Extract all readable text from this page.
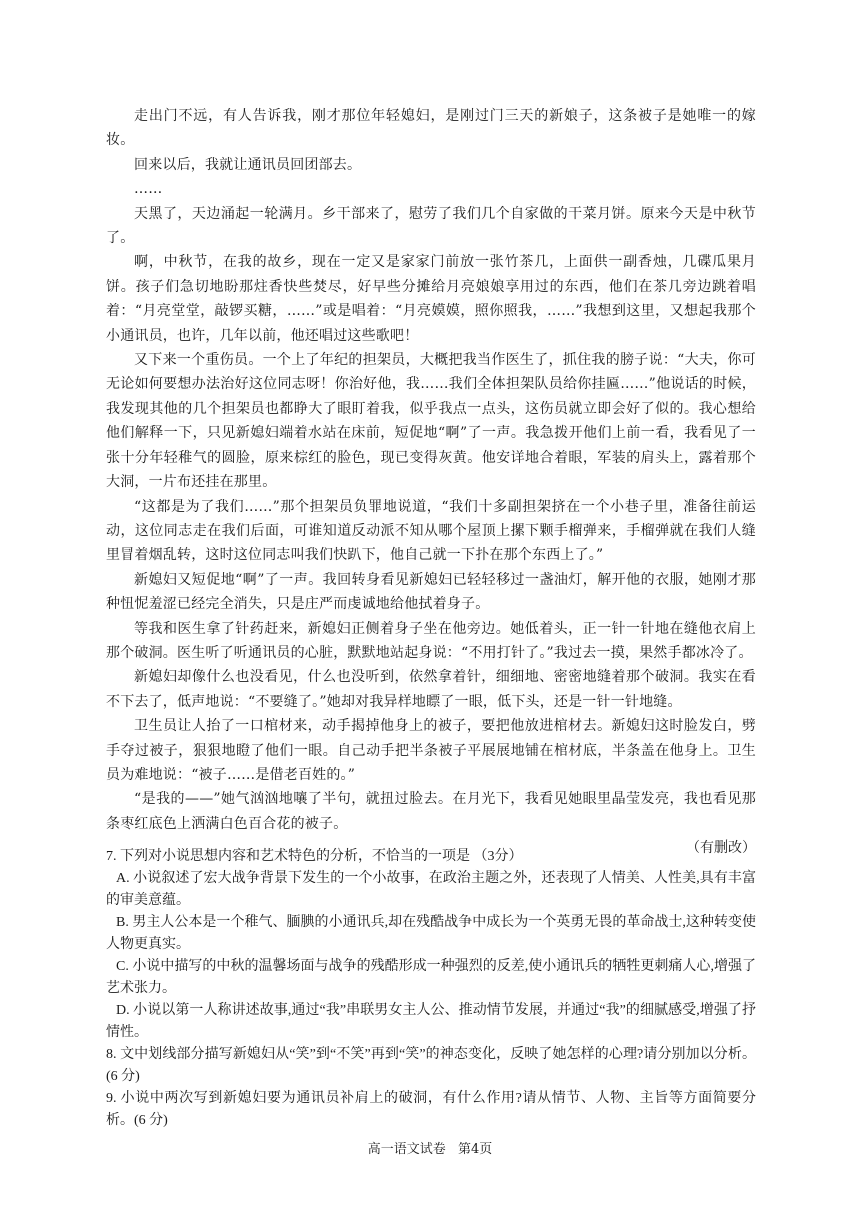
走出门不远，有人告诉我，刚才那位年轻媳妇，是刚过门三天的新娘子，这条被子是她唯一的嫁妆。

回来以后，我就让通讯员回团部去。

……

天黑了，天边涌起一轮满月。乡干部来了，慰劳了我们几个自家做的干菜月饼。原来今天是中秋节了。

啊，中秋节，在我的故乡，现在一定又是家家门前放一张竹茶几，上面供一副香烛，几碟瓜果月饼。孩子们急切地盼那炷香快些焚尽，好早些分摊给月亮娘娘享用过的东西，他们在茶几旁边跳着唱着：“月亮堂堂，敲锣买糖，……”或是唱着：“月亮嫫嫫，照你照我，……”我想到这里，又想起我那个小通讯员，也许，几年以前，他还唱过这些歌吧！

又下来一个重伤员。一个上了年纪的担架员，大概把我当作医生了，抓住我的膀子说：“大夫，你可无论如何要想办法治好这位同志呀！你治好他，我……我们全体担架队员给你挂匾……”他说话的时候，我发现其他的几个担架员也都睁大了眼盯着我，似乎我点一点头，这伤员就立即会好了似的。我心想给他们解释一下，只见新媳妇端着水站在床前，短促地“啊”了一声。我急拨开他们上前一看，我看见了一张十分年轻稚气的圆脸，原来棕红的脸色，现已变得灰黄。他安详地合着眼，军装的肩头上，露着那个大洞，一片布还挂在那里。

“这都是为了我们……”那个担架员负罪地说道，“我们十多副担架挤在一个小巷子里，准备往前运动，这位同志走在我们后面，可谁知道反动派不知从哪个屋顶上摞下颗手榴弹来，手榴弹就在我们人缝里冒着烟乱转，这时这位同志叫我们快趴下，他自己就一下扑在那个东西上了。”

新媳妇又短促地“啊”了一声。我回转身看见新媳妇已轻轻移过一盏油灯，解开他的衣服，她刚才那种忸怩羞涩已经完全消失，只是庄严而虔诚地给他拭着身子。

等我和医生拿了针药赶来，新媳妇正侧着身子坐在他旁边。她低着头，正一针一针地在缝他衣肩上那个破洞。医生听了听通讯员的心脏，默默地站起身说：“不用打针了。”我过去一摸，果然手都冰冷了。

新媳妇却像什么也没看见，什么也没听到，依然拿着针，细细地、密密地缝着那个破洞。我实在看不下去了，低声地说：“不要缝了。”她却对我异样地瞟了一眼，低下头，还是一针一针地缝。

卫生员让人抬了一口棺材来，动手揭掉他身上的被子，要把他放进棺材去。新媳妇这时脸发白，劈手夺过被子，狠狠地瞪了他们一眼。自己动手把半条被子平展展地铺在棺材底，半条盖在他身上。卫生员为难地说：“被子……是借老百姓的。”

“是我的——”她气汹汹地嚷了半句，就扭过脸去。在月光下，我看见她眼里晶莹发亮，我也看见那条枣红底色上洒满白色百合花的被子。

（有删改）

7. 下列对小说思想内容和艺术特色的分析，不恰当的一项是 （3分）

A. 小说叙述了宏大战争背景下发生的一个小故事，在政治主题之外，还表现了人情美、人性美,具有丰富的审美意蕴。

B. 男主人公本是一个稚气、腼腆的小通讯兵,却在残酷战争中成长为一个英勇无畏的革命战士,这种转变使人物更真实。

C. 小说中描写的中秋的温馨场面与战争的残酷形成一种强烈的反差,使小通讯兵的牺牲更刺痛人心,增强了艺术张力。

D. 小说以第一人称讲述故事,通过“我”串联男女主人公、推动情节发展，并通过“我”的细腻感受,增强了抒情性。

8. 文中划线部分描写新媳妇从“笑”到“不笑”再到“笑”的神态变化，反映了她怎样的心理?请分别加以分析。(6 分)

9. 小说中两次写到新媳妇要为通讯员补肩上的破洞，有什么作用?请从情节、人物、主旨等方面简要分析。(6 分)

高一语文试卷 第4页
